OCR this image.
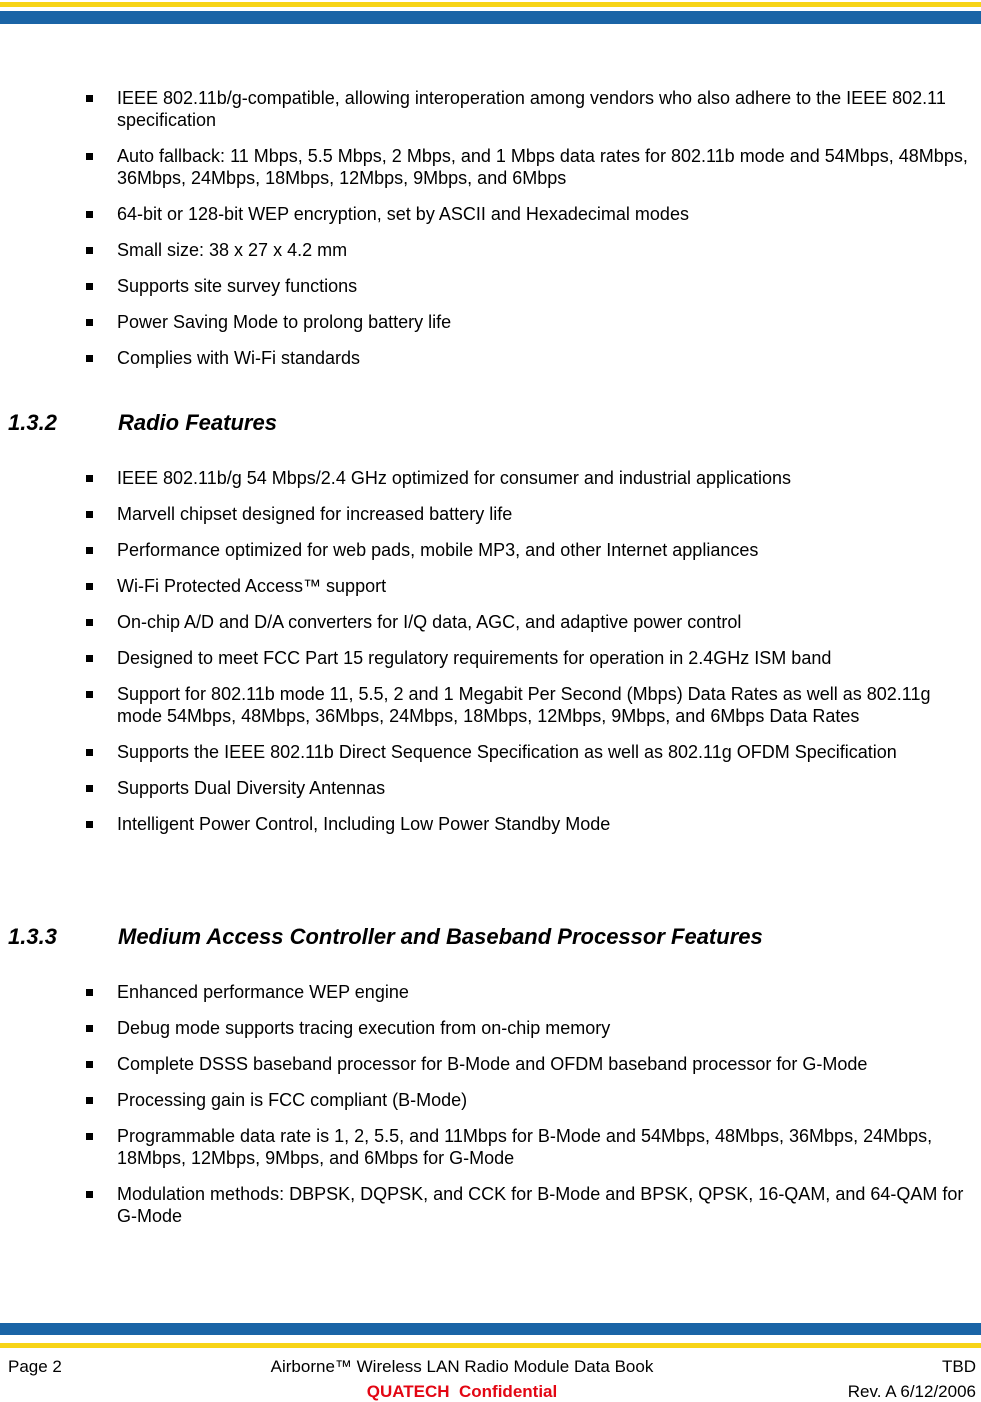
IEEE 802.11b/g-compatible, allowing interoperation among vendors who also adhere to the IEEE 802.11 specification
Auto fallback: 11 Mbps, 5.5 Mbps, 2 Mbps, and 1 Mbps data rates for 802.11b mode and 54Mbps, 48Mbps, 36Mbps, 24Mbps, 18Mbps, 12Mbps, 9Mbps, and 6Mbps
64-bit or 128-bit WEP encryption, set by ASCII and Hexadecimal modes
Small size: 38 x 27 x 4.2 mm
Supports site survey functions
Power Saving Mode to prolong battery life
Complies with Wi-Fi standards
1.3.2	Radio Features
IEEE 802.11b/g 54 Mbps/2.4 GHz optimized for consumer and industrial applications
Marvell chipset designed for increased battery life
Performance optimized for web pads, mobile MP3, and other Internet appliances
Wi-Fi Protected Access™ support
On-chip A/D and D/A converters for I/Q data, AGC, and adaptive power control
Designed to meet FCC Part 15 regulatory requirements for operation in 2.4GHz ISM band
Support for 802.11b mode 11, 5.5, 2 and 1 Megabit Per Second (Mbps) Data Rates as well as 802.11g mode 54Mbps, 48Mbps, 36Mbps, 24Mbps, 18Mbps, 12Mbps, 9Mbps, and 6Mbps Data Rates
Supports the IEEE 802.11b Direct Sequence Specification as well as 802.11g OFDM Specification
Supports Dual Diversity Antennas
Intelligent Power Control, Including Low Power Standby Mode
1.3.3	Medium Access Controller and Baseband Processor Features
Enhanced performance WEP engine
Debug mode supports tracing execution from on-chip memory
Complete DSSS baseband processor for B-Mode and OFDM baseband processor for G-Mode
Processing gain is FCC compliant (B-Mode)
Programmable data rate is 1, 2, 5.5, and 11Mbps for B-Mode and 54Mbps, 48Mbps, 36Mbps, 24Mbps, 18Mbps, 12Mbps, 9Mbps, and 6Mbps for G-Mode
Modulation methods: DBPSK, DQPSK, and CCK for B-Mode and BPSK, QPSK, 16-QAM, and 64-QAM for G-Mode
Page 2	Airborne™ Wireless LAN Radio Module Data Book	TBD
QUATECH  Confidential	Rev. A 6/12/2006
